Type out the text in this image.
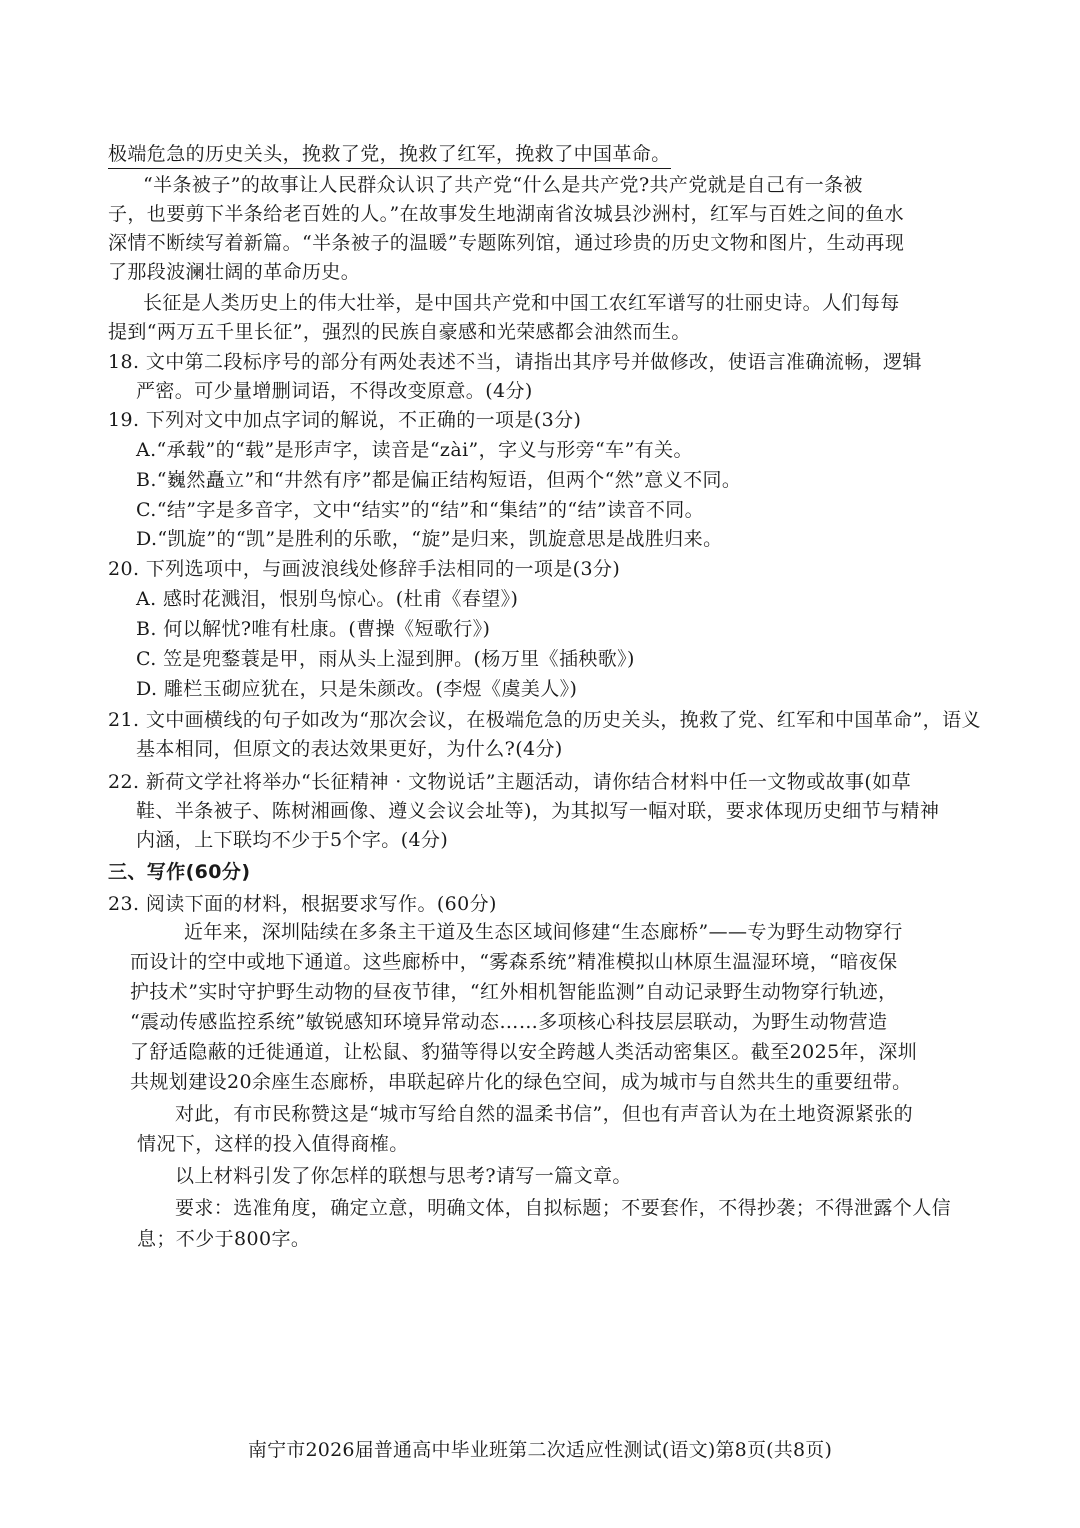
极端危急的历史关头，挽救了党，挽救了红军，挽救了中国革命。
“半条被子”的故事让人民群众认识了共产党“什么是共产党?共产党就是自己有一条被
子，也要剪下半条给老百姓的人。”在故事发生地湖南省汝城县沙洲村，红军与百姓之间的鱼水
深情不断续写着新篇。“半条被子的温暖”专题陈列馆，通过珍贵的历史文物和图片，生动再现
了那段波澜壮阔的革命历史。
长征是人类历史上的伟大壮举，是中国共产党和中国工农红军谱写的壮丽史诗。人们每每
提到“两万五千里长征”，强烈的民族自豪感和光荣感都会油然而生。
18. 文中第二段标序号的部分有两处表述不当，请指出其序号并做修改，使语言准确流畅，逻辑
严密。可少量增删词语，不得改变原意。(4分)
19. 下列对文中加点字词的解说，不正确的一项是(3分)
A.“承载”的“载”是形声字，读音是“zài”，字义与形旁“车”有关。
B.“巍然矗立”和“井然有序”都是偏正结构短语，但两个“然”意义不同。
C.“结”字是多音字，文中“结实”的“结”和“集结”的“结”读音不同。
D.“凯旋”的“凯”是胜利的乐歌，“旋”是归来，凯旋意思是战胜归来。
20. 下列选项中，与画波浪线处修辞手法相同的一项是(3分)
A. 感时花溅泪，恨别鸟惊心。(杜甫《春望》)
B. 何以解忧?唯有杜康。(曹操《短歌行》)
C. 笠是兜鍪蓑是甲，雨从头上湿到胛。(杨万里《插秧歌》)
D. 雕栏玉砌应犹在，只是朱颜改。(李煜《虞美人》)
21. 文中画横线的句子如改为“那次会议，在极端危急的历史关头，挽救了党、红军和中国革命”，语义
基本相同，但原文的表达效果更好，为什么?(4分)
22. 新荷文学社将举办“长征精神 · 文物说话”主题活动，请你结合材料中任一文物或故事(如草
鞋、半条被子、陈树湘画像、遵义会议会址等)，为其拟写一幅对联，要求体现历史细节与精神
内涵，上下联均不少于5个字。(4分)
三、写作(60分)
23. 阅读下面的材料，根据要求写作。(60分)
近年来，深圳陆续在多条主干道及生态区域间修建“生态廊桥”——专为野生动物穿行
而设计的空中或地下通道。这些廊桥中，“雾森系统”精准模拟山林原生温湿环境，“暗夜保
护技术”实时守护野生动物的昼夜节律，“红外相机智能监测”自动记录野生动物穿行轨迹，
“震动传感监控系统”敏锐感知环境异常动态……多项核心科技层层联动，为野生动物营造
了舒适隐蔽的迁徙通道，让松鼠、豹猫等得以安全跨越人类活动密集区。截至2025年，深圳
共规划建设20余座生态廊桥，串联起碎片化的绿色空间，成为城市与自然共生的重要纽带。
对此，有市民称赞这是“城市写给自然的温柔书信”，但也有声音认为在土地资源紧张的
情况下，这样的投入值得商榷。
以上材料引发了你怎样的联想与思考?请写一篇文章。
要求：选准角度，确定立意，明确文体，自拟标题；不要套作，不得抄袭；不得泄露个人信
息；不少于800字。
南宁市2026届普通高中毕业班第二次适应性测试(语文)第8页(共8页)
